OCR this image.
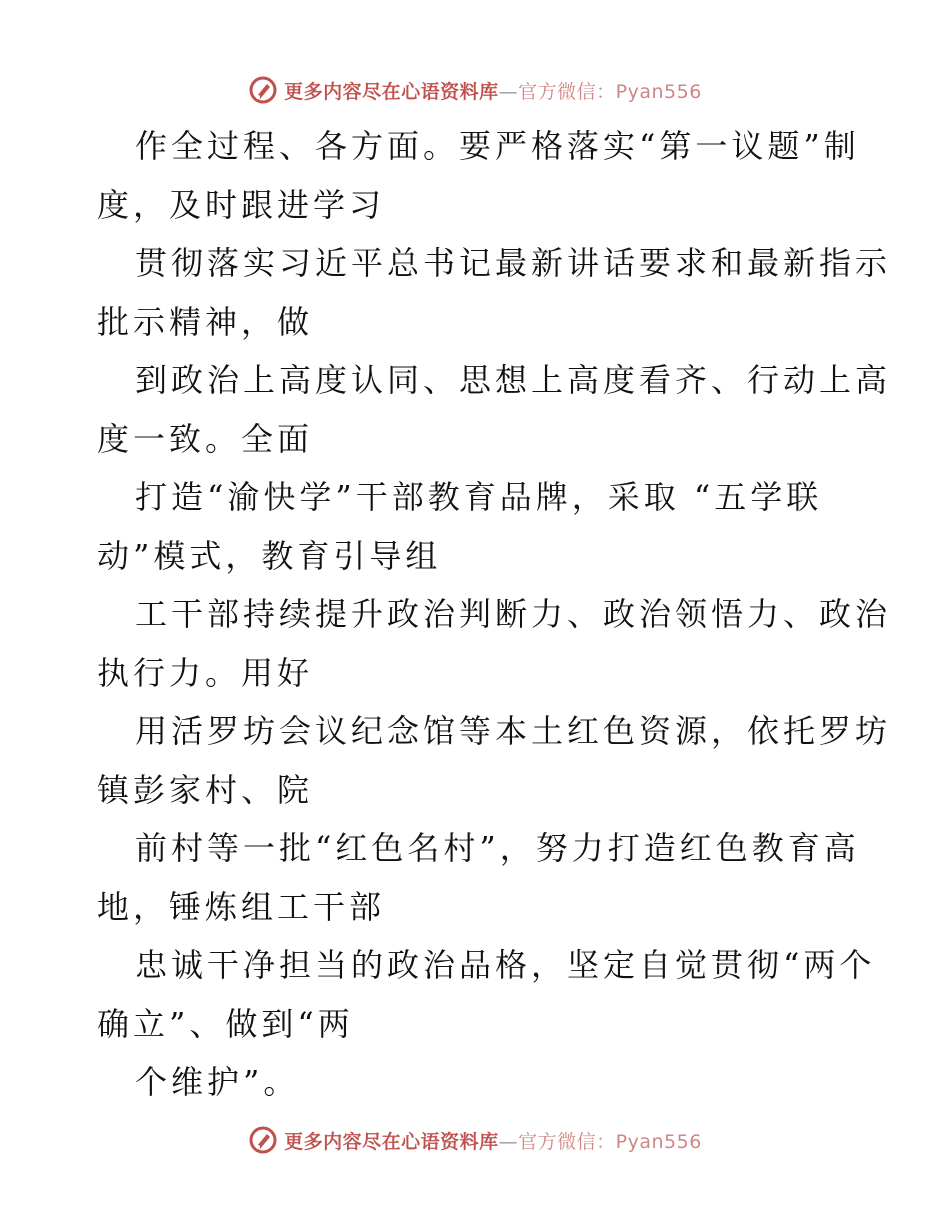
更多内容尽在心语资料库—官方微信：Pyan556
作全过程、各方面。要严格落实“第一议题”制
度，及时跟进学习
贯彻落实习近平总书记最新讲话要求和最新指示
批示精神，做
到政治上高度认同、思想上高度看齐、行动上高
度一致。全面
打造“渝快学”干部教育品牌，采取 “五学联
动”模式，教育引导组
工干部持续提升政治判断力、政治领悟力、政治
执行力。用好
用活罗坊会议纪念馆等本土红色资源，依托罗坊
镇彭家村、院
前村等一批“红色名村”，努力打造红色教育高
地，锤炼组工干部
忠诚干净担当的政治品格，坚定自觉贯彻“两个
确立”、做到“两
个维护”。
更多内容尽在心语资料库—官方微信：Pyan556
